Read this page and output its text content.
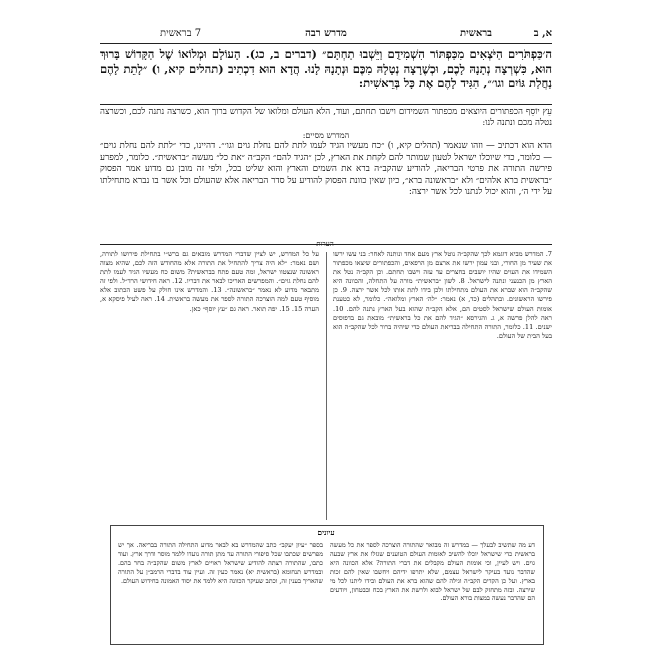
א, ב
בראשית
מדרש רבה
7 בראשית
ה׳כַּפְתֹּרִים הַיֹּצְאִים מִכַּפְתּוֹר הִשְׁמִידֻם וַיֵּשְׁבוּ תַחְתָּם״ (דברים ב, כג). הָעוֹלָם וּמְלוֹאוֹ שֶׁל הַקָּדוֹשׁ בָּרוּךְ הוּא, כִּשְׁרְצָה נְתָנָהּ לָכֶם, וּכְשֶׁרָצָה נְטָלָהּ מִכֶּם וּנְתָנָהּ לָנוּ. הֲדָא הוּא דִכְתִיב (תהלים קיא, ו) ״לָתֵת לָהֶם נַחֲלַת גּוֹיִם וגו׳״, הִגִּיד לָהֶם אֶת כָּל בְּרֵאשִׁית:
עֵץ יוֹסֵף הכפתורים היוצאים מכפתור השמידום וישבו תחתם, ועוד, הלא העולם ומלואו של הקדוש ברוך הוא, כשרצה נתנה לכם, וכשרצה נטלה מכם ונתנה לנו:
המדרש מסיים:
הדא הוא דכתיב — וזהו שנאמר (תהלים קיא, ו) ״כח מעשיו הגיד לעמו לתת להם נחלת גוים וגו׳״. דהיינו, כדי ״לתת להם נחלת גוים״ — כלומר, כדי שיוכלו ישראל לטעון שמותר להם לקחת את הארץ, לכן ״הגיד להם״ הקב״ה ״את כל״ מעשה ״בראשית״. כלומר, למפרע פירשה התורה את פרטי הבריאה, להודיע שהקב״ה ברא את השמים והארץ והוא שליט בכל, ולפי זה מובן גם מדוע אמר הפסוק ״בראשית ברא אלהים״ ולא ״בראשונה ברא״, כיון שאין כוונת הפסוק להודיע על סדר הבריאה אלא שהעולם וכל אשר בו נברא מתחילתו על ידי ה׳, והוא יכול לנתנו לכל אשר ירצה:
הערות
7. המדרש מביא דוגמא לכך שהקב״ה נוטל ארץ מעם אחד ונותנה לאחר: בני עשו ירשו את שעיר מן החורי, ובני עמון ירשו את ארצם מן הרפאים, והכפתורים שיצאו מכפתור השמידו את העוים שהיו יושבים בחצרים עד עזה וישבו תחתם. וכן הקב״ה נטל את הארץ מן הכנעני ונתנה לישראל. 8. לשון ״בראשית״ מורה על התחלה, והכוונה היא שהקב״ה הוא שברא את העולם מתחילתו ולכן בידו לתת אותו לכל אשר ירצה. 9. כן פירשו הראשונים. ובתהלים (כד, א) נאמר: ״לה׳ הארץ ומלואה״. כלומר, לא כטענת אומות העולם שישראל לסטים הם, אלא הקב״ה שהוא בעל הארץ נתנה להם. 10. ראה להלן פרשה א, ג. והגירסא ״הגיד להם את כל בראשית״ מובאת גם בדפוסים ישנים. 11. כלומר, התורה התחילה בבריאת העולם כדי שיהיה ברור לכל שהקב״ה הוא בעל הבית של העולם.
על כל המדרש, יש לציין שדברי המדרש מובאים גם ברש״י בתחילת פירושו לתורה, ושם נאמר: ״לא היה צריך להתחיל את התורה אלא מהחודש הזה לכם, שהיא מצוה ראשונה שנצטוו ישראל, ומה טעם פתח בבראשית? משום כח מעשיו הגיד לעמו לתת להם נחלת גוים״. והמפרשים האריכו לבאר את דבריו. 12. ראה חידושי הרד״ל. ולפי זה מתבאר מדוע לא נאמר ״בראשונה״. 13. והמדרש אינו חולק על פשט הכתוב אלא מוסיף טעם למה הוצרכה התורה לספר את מעשה בראשית. 14. ראה לעיל פיסקא א, הערה 15. 15. יפה תואר. ראה גם ״עץ יוסף״ כאן.
עיונים
דע מה שתשיב לבעלך — במדרש זה מבואר שהתורה הוצרכה לספר את כל מעשה בראשית כדי שישראל יוכלו להשיב לאומות העולם הטוענים שגזלו את ארץ שבעה גוים. ויש לעיין, וכי אומות העולם מקבלים את דברי התורה? אלא הכוונה היא שהדבר נועד בעיקר לישראל עצמם, שלא יתרפו ידיהם ויחשבו שאין להם זכות בארץ. ועל כן הקדים הקב״ה וגילה להם שהוא ברא את העולם ובידו ליתנו לכל מי שירצה. ובזה מתחזק לבם של ישראל לבוא ולרשת את הארץ בכח ובבטחון, ויודעים הם שהדבר נעשה במצות בורא העולם.
בספר ״עיון יעקב״ כתב שהמדרש בא לבאר מדוע התחילה התורה בבריאה. אך יש מפרשים שכתבו שכל סיפורי התורה עד מתן תורה נועדו ללמד מוסר ודרך ארץ. ועוד כתבו, שהתורה רצתה להודיע שישראל ראויים לארץ משום שהקב״ה בחר בהם. ובמדרש תנחומא (בראשית יא) נאמר כעין זה. ועיין עוד בדברי הרמב״ן על התורה שהאריך בענין זה, וכתב שעיקר הכוונה היא ללמד את יסוד האמונה בחידוש העולם.
